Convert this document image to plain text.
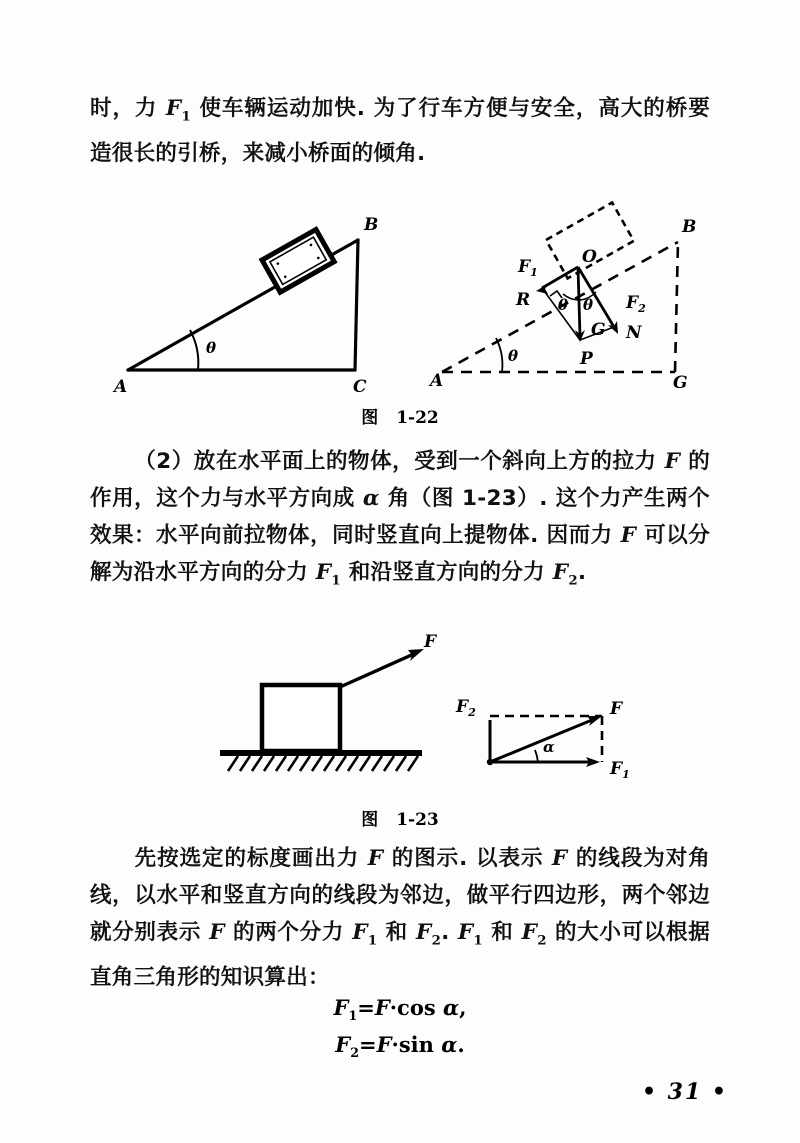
时，力 $F_1$ 使车辆运动加快. 为了行车方便与安全，高大的桥要造很长的引桥，来减小桥面的倾角.
A	C
B
θ	θ
A	G
B
θ θ
$F_1$
R	$F_2$
N
G
P
O
图 1-22
（2）放在水平面上的物体，受到一个斜向上方的拉力 F 的作用，这个力与水平方向成 α 角（图 1-23）. 这个力产生两个效果：水平向前拉物体，同时竖直向上提物体. 因而力 F 可以分解为沿水平方向的分力 $F_1$ 和沿竖直方向的分力 $F_2$.
F
α
$F_2$	F
$F_1$
图 1-23
先按选定的标度画出力 F 的图示. 以表示 F 的线段为对角线，以水平和竖直方向的线段为邻边，做平行四边形，两个邻边就分别表示 F 的两个分力 $F_1$ 和 $F_2$. $F_1$ 和 $F_2$ 的大小可以根据直角三角形的知识算出：
$F_1=F\cdot\cos$ α,
$F_2=F\cdot\sin$ α.
• 31 •
